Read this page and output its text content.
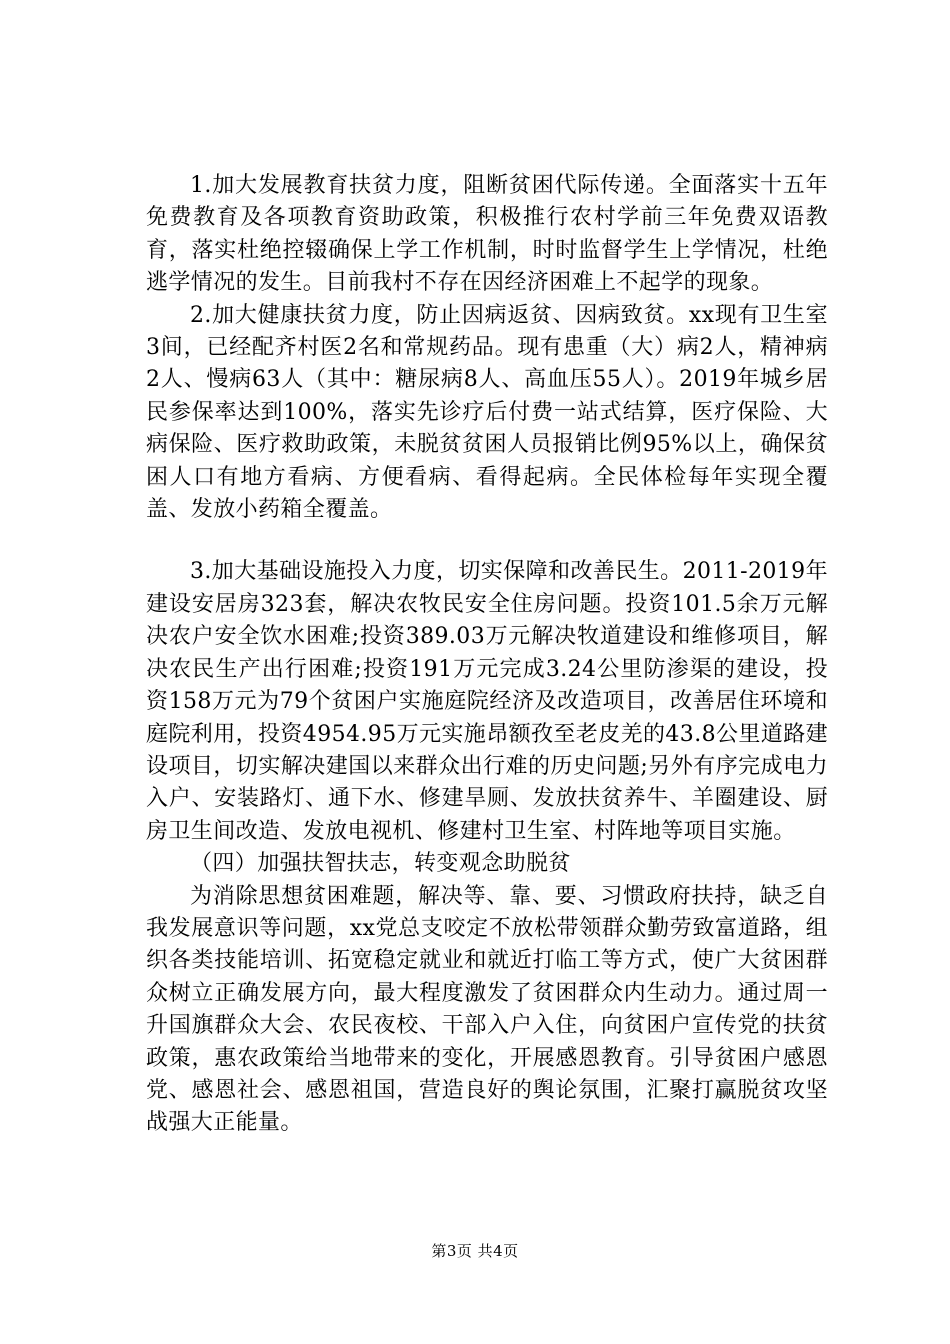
1.加大发展教育扶贫力度，阻断贫困代际传递。全面落实十五年免费教育及各项教育资助政策，积极推行农村学前三年免费双语教育，落实杜绝控辍确保上学工作机制，时时监督学生上学情况，杜绝逃学情况的发生。目前我村不存在因经济困难上不起学的现象。

2.加大健康扶贫力度，防止因病返贫、因病致贫。xx现有卫生室3间，已经配齐村医2名和常规药品。现有患重（大）病2人，精神病2人、慢病63人（其中：糖尿病8人、高血压55人）。2019年城乡居民参保率达到100%，落实先诊疗后付费一站式结算，医疗保险、大病保险、医疗救助政策，未脱贫贫困人员报销比例95%以上，确保贫困人口有地方看病、方便看病、看得起病。全民体检每年实现全覆盖、发放小药箱全覆盖。

3.加大基础设施投入力度，切实保障和改善民生。2011-2019年建设安居房323套，解决农牧民安全住房问题。投资101.5余万元解决农户安全饮水困难;投资389.03万元解决牧道建设和维修项目，解决农民生产出行困难;投资191万元完成3.24公里防渗渠的建设，投资158万元为79个贫困户实施庭院经济及改造项目，改善居住环境和庭院利用，投资4954.95万元实施昂额孜至老皮羌的43.8公里道路建设项目，切实解决建国以来群众出行难的历史问题;另外有序完成电力入户、安装路灯、通下水、修建旱厕、发放扶贫养牛、羊圈建设、厨房卫生间改造、发放电视机、修建村卫生室、村阵地等项目实施。

（四）加强扶智扶志，转变观念助脱贫

为消除思想贫困难题，解决等、靠、要、习惯政府扶持，缺乏自我发展意识等问题，xx党总支咬定不放松带领群众勤劳致富道路，组织各类技能培训、拓宽稳定就业和就近打临工等方式，使广大贫困群众树立正确发展方向，最大程度激发了贫困群众内生动力。通过周一升国旗群众大会、农民夜校、干部入户入住，向贫困户宣传党的扶贫政策，惠农政策给当地带来的变化，开展感恩教育。引导贫困户感恩党、感恩社会、感恩祖国，营造良好的舆论氛围，汇聚打赢脱贫攻坚战强大正能量。

第3页 共4页
